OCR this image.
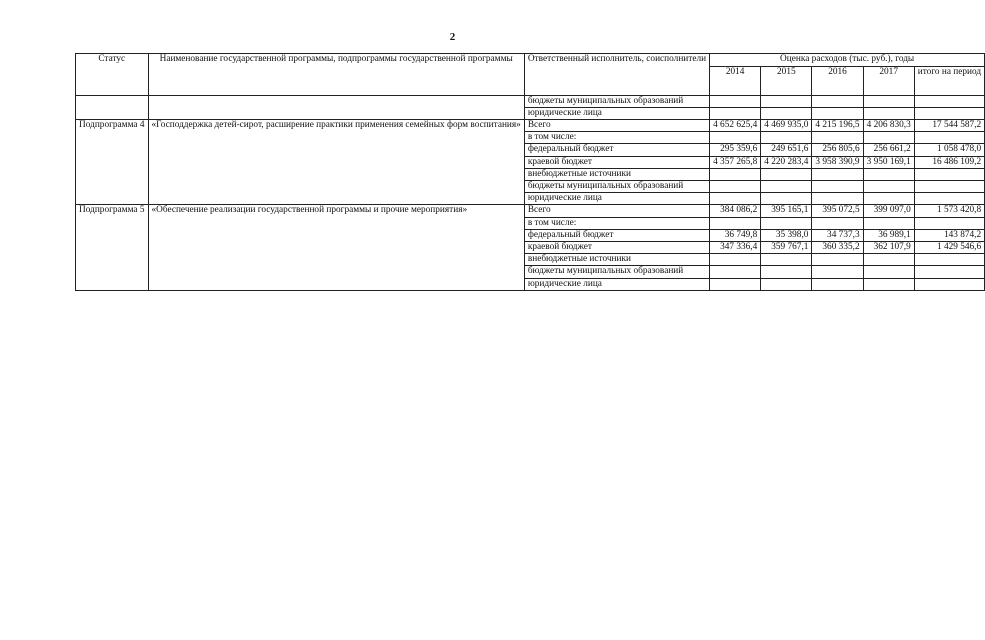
2
Статус	Наименование государственной программы, подпрограммы государственной программы	Ответственный исполнитель, соисполнители	Оценка расходов (тыс. руб.), годы				
			2014	2015	2016	2017	итого на период
		бюджеты муниципальных образований					
		юридические лица					
Подпрограмма 4	«Господдержка детей-сирот, расширение практики применения семейных форм воспитания»	Всего	4 652 625,4	4 469 935,0	4 215 196,5	4 206 830,3	17 544 587,2
		в том числе:					
		федеральный бюджет	295 359,6	249 651,6	256 805,6	256 661,2	1 058 478,0
		краевой бюджет	4 357 265,8	4 220 283,4	3 958 390,9	3 950 169,1	16 486 109,2
		внебюджетные источники					
		бюджеты муниципальных образований					
		юридические лица					
Подпрограмма 5	«Обеспечение реализации государственной программы и прочие мероприятия»	Всего	384 086,2	395 165,1	395 072,5	399 097,0	1 573 420,8
		в том числе:					
		федеральный бюджет	36 749,8	35 398,0	34 737,3	36 989,1	143 874,2
		краевой бюджет	347 336,4	359 767,1	360 335,2	362 107,9	1 429 546,6
		внебюджетные источники					
		бюджеты муниципальных образований					
		юридические лица					
